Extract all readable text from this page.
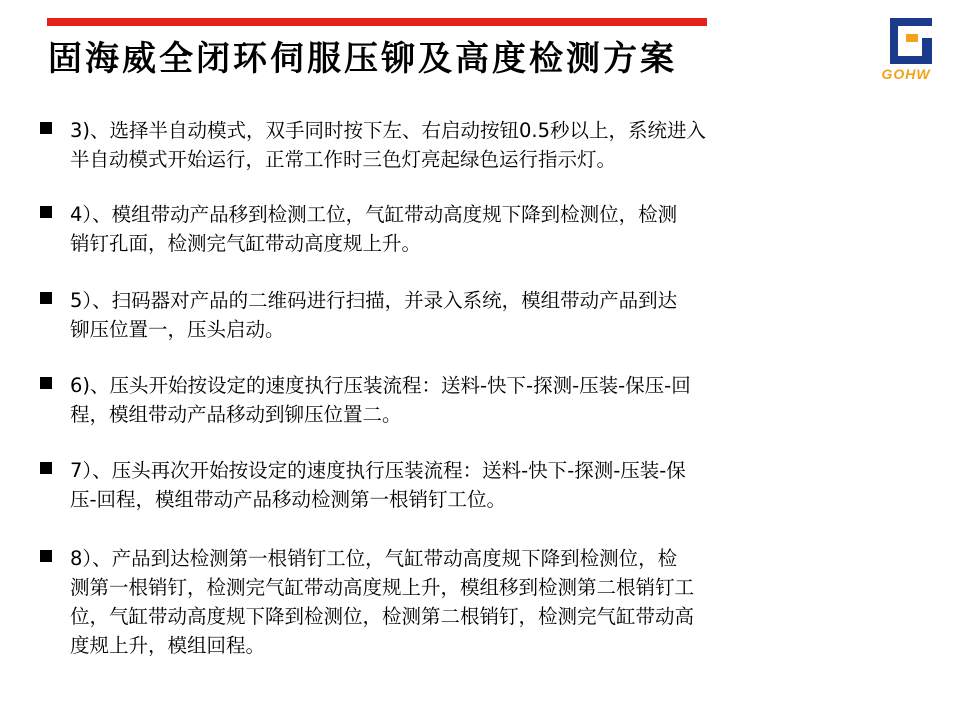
固海威全闭环伺服压铆及高度检测方案	GOHW
3)、选择半自动模式，双手同时按下左、右启动按钮0.5秒以上，系统进入
半自动模式开始运行，正常工作时三色灯亮起绿色运行指示灯。
4）、模组带动产品移到检测工位，气缸带动高度规下降到检测位，检测
销钉孔面，检测完气缸带动高度规上升。
5）、扫码器对产品的二维码进行扫描，并录入系统，模组带动产品到达
铆压位置一，压头启动。
6)、压头开始按设定的速度执行压装流程：送料-快下-探测-压装-保压-回
程，模组带动产品移动到铆压位置二。
7）、压头再次开始按设定的速度执行压装流程：送料-快下-探测-压装-保
压-回程，模组带动产品移动检测第一根销钉工位。
8）、产品到达检测第一根销钉工位，气缸带动高度规下降到检测位，检
测第一根销钉，检测完气缸带动高度规上升，模组移到检测第二根销钉工
位，气缸带动高度规下降到检测位，检测第二根销钉，检测完气缸带动高
度规上升，模组回程。
